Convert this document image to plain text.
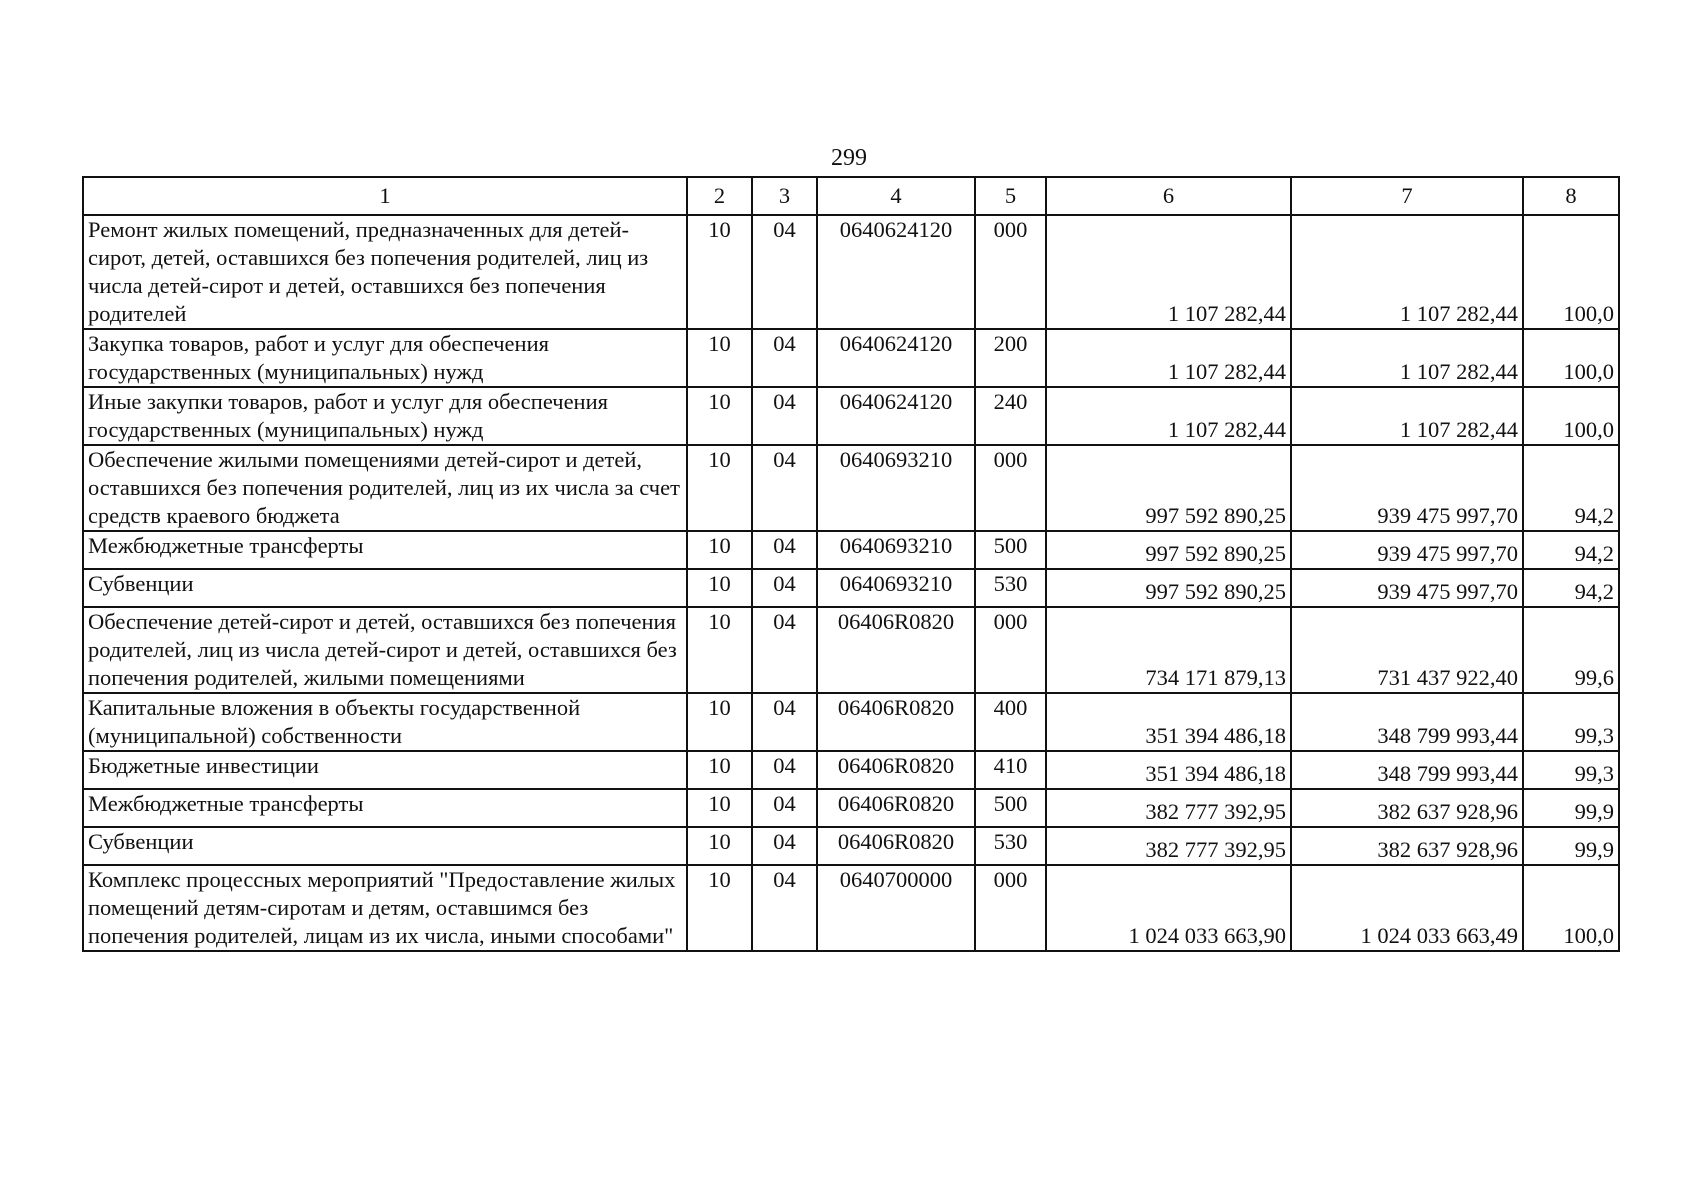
299
1	2	3	4	5	6	7	8
Ремонт жилых помещений, предназначенных для детей-сирот, детей, оставшихся без попечения родителей, лиц из числа детей-сирот и детей, оставшихся без попечения родителей	10	04	0640624120	000	1 107 282,44	1 107 282,44	100,0
Закупка товаров, работ и услуг для обеспечения государственных (муниципальных) нужд	10	04	0640624120	200	1 107 282,44	1 107 282,44	100,0
Иные закупки товаров, работ и услуг для обеспечения государственных (муниципальных) нужд	10	04	0640624120	240	1 107 282,44	1 107 282,44	100,0
Обеспечение жилыми помещениями детей-сирот и детей, оставшихся без попечения родителей, лиц из их числа за счет средств краевого бюджета	10	04	0640693210	000	997 592 890,25	939 475 997,70	94,2
Межбюджетные трансферты	10	04	0640693210	500	997 592 890,25	939 475 997,70	94,2
Субвенции	10	04	0640693210	530	997 592 890,25	939 475 997,70	94,2
Обеспечение детей-сирот и детей, оставшихся без попечения родителей, лиц из числа детей-сирот и детей, оставшихся без попечения родителей, жилыми помещениями	10	04	06406R0820	000	734 171 879,13	731 437 922,40	99,6
Капитальные вложения в объекты государственной (муниципальной) собственности	10	04	06406R0820	400	351 394 486,18	348 799 993,44	99,3
Бюджетные инвестиции	10	04	06406R0820	410	351 394 486,18	348 799 993,44	99,3
Межбюджетные трансферты	10	04	06406R0820	500	382 777 392,95	382 637 928,96	99,9
Субвенции	10	04	06406R0820	530	382 777 392,95	382 637 928,96	99,9
Комплекс процессных мероприятий "Предоставление жилых помещений детям-сиротам и детям, оставшимся без попечения родителей, лицам из их числа, иными способами"	10	04	0640700000	000	1 024 033 663,90	1 024 033 663,49	100,0
